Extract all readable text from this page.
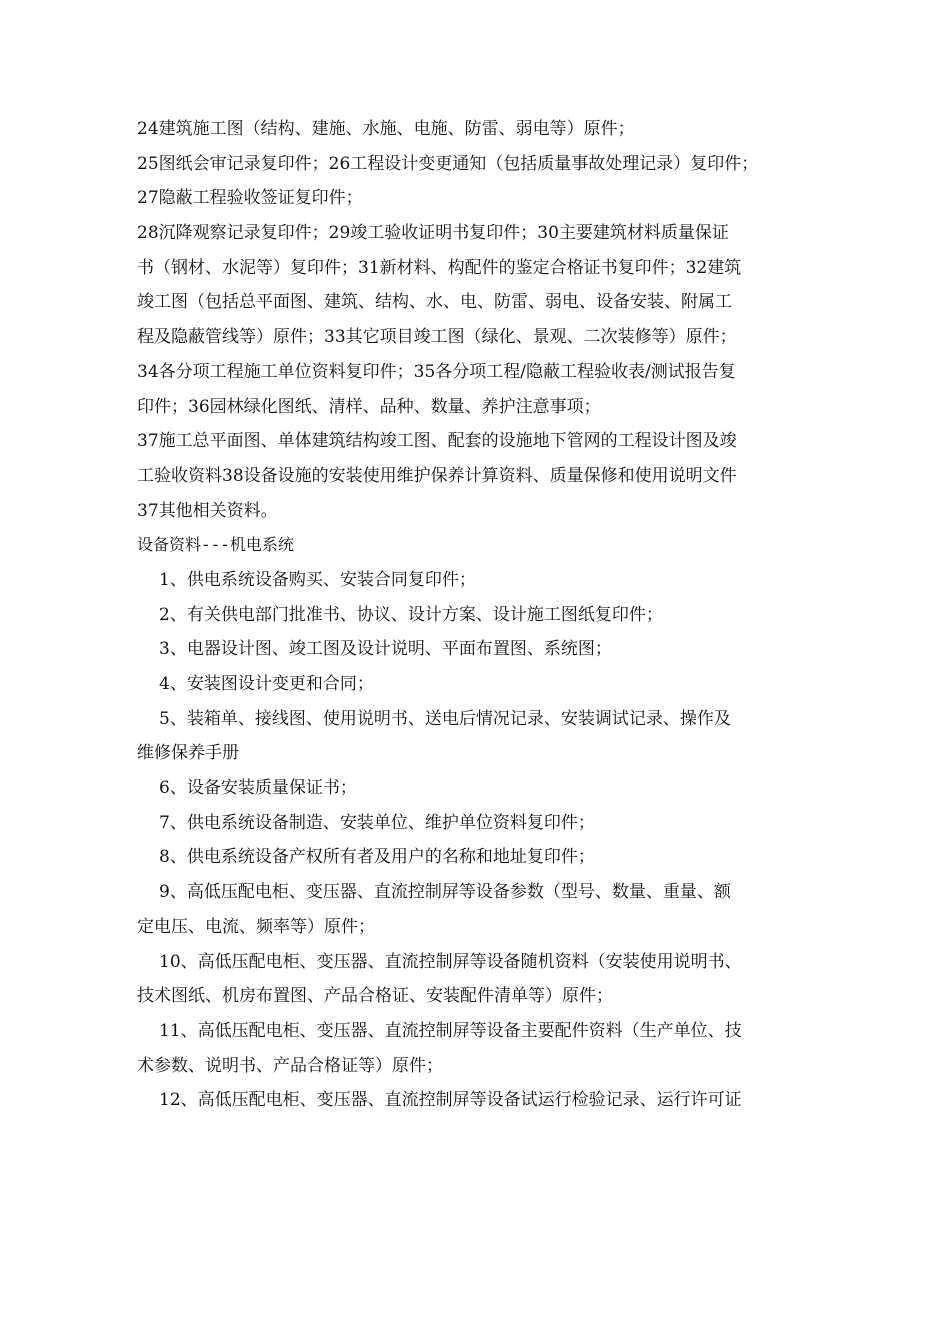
24建筑施工图（结构、建施、水施、电施、防雷、弱电等）原件；
25图纸会审记录复印件；26工程设计变更通知（包括质量事故处理记录）复印件；
27隐蔽工程验收签证复印件；
28沉降观察记录复印件；29竣工验收证明书复印件；30主要建筑材料质量保证
书（钢材、水泥等）复印件；31新材料、构配件的鉴定合格证书复印件；32建筑
竣工图（包括总平面图、建筑、结构、水、电、防雷、弱电、设备安装、附属工
程及隐蔽管线等）原件；33其它项目竣工图（绿化、景观、二次装修等）原件；
34各分项工程施工单位资料复印件；35各分项工程/隐蔽工程验收表/测试报告复
印件；36园林绿化图纸、清样、品种、数量、养护注意事项；
37施工总平面图、单体建筑结构竣工图、配套的设施地下管网的工程设计图及竣
工验收资料38设备设施的安装使用维护保养计算资料、质量保修和使用说明文件
37其他相关资料。
设备资料---机电系统
1、供电系统设备购买、安装合同复印件；
2、有关供电部门批准书、协议、设计方案、设计施工图纸复印件；
3、电器设计图、竣工图及设计说明、平面布置图、系统图；
4、安装图设计变更和合同；
5、装箱单、接线图、使用说明书、送电后情况记录、安装调试记录、操作及
维修保养手册
6、设备安装质量保证书；
7、供电系统设备制造、安装单位、维护单位资料复印件；
8、供电系统设备产权所有者及用户的名称和地址复印件；
9、高低压配电柜、变压器、直流控制屏等设备参数（型号、数量、重量、额
定电压、电流、频率等）原件；
10、高低压配电柜、变压器、直流控制屏等设备随机资料（安装使用说明书、
技术图纸、机房布置图、产品合格证、安装配件清单等）原件；
11、高低压配电柜、变压器、直流控制屏等设备主要配件资料（生产单位、技
术参数、说明书、产品合格证等）原件；
12、高低压配电柜、变压器、直流控制屏等设备试运行检验记录、运行许可证
